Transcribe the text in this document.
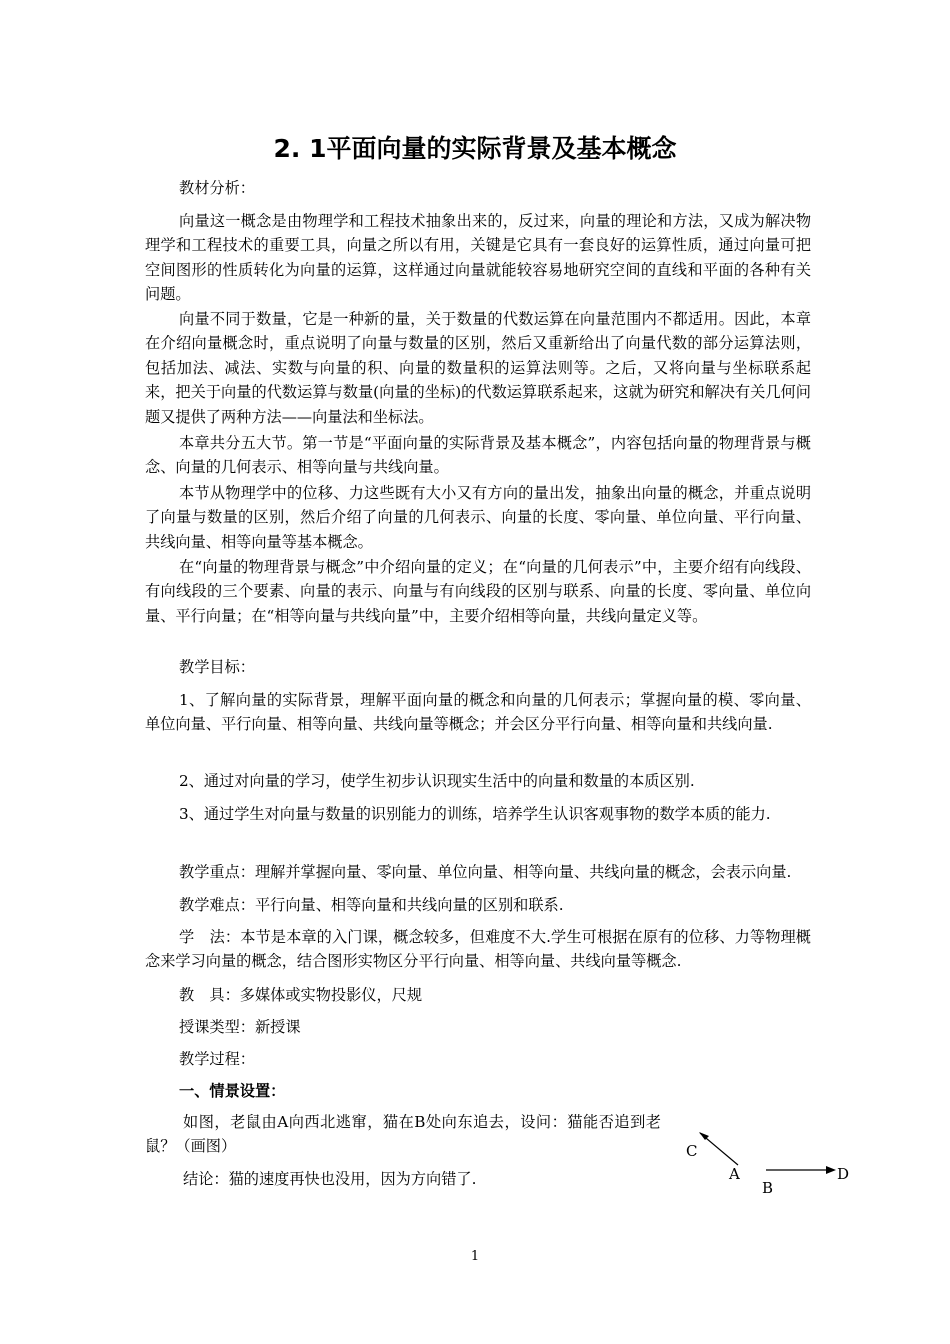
2. 1平面向量的实际背景及基本概念

教材分析：

向量这一概念是由物理学和工程技术抽象出来的，反过来，向量的理论和方法，又成为解决物理学和工程技术的重要工具，向量之所以有用，关键是它具有一套良好的运算性质，通过向量可把空间图形的性质转化为向量的运算，这样通过向量就能较容易地研究空间的直线和平面的各种有关问题。

向量不同于数量，它是一种新的量，关于数量的代数运算在向量范围内不都适用。因此，本章在介绍向量概念时，重点说明了向量与数量的区别，然后又重新给出了向量代数的部分运算法则，包括加法、减法、实数与向量的积、向量的数量积的运算法则等。之后，又将向量与坐标联系起来，把关于向量的代数运算与数量(向量的坐标)的代数运算联系起来，这就为研究和解决有关几何问题又提供了两种方法——向量法和坐标法。

本章共分五大节。第一节是“平面向量的实际背景及基本概念”，内容包括向量的物理背景与概念、向量的几何表示、相等向量与共线向量。

本节从物理学中的位移、力这些既有大小又有方向的量出发，抽象出向量的概念，并重点说明了向量与数量的区别，然后介绍了向量的几何表示、向量的长度、零向量、单位向量、平行向量、共线向量、相等向量等基本概念。

在“向量的物理背景与概念”中介绍向量的定义；在“向量的几何表示”中，主要介绍有向线段、有向线段的三个要素、向量的表示、向量与有向线段的区别与联系、向量的长度、零向量、单位向量、平行向量；在“相等向量与共线向量”中，主要介绍相等向量，共线向量定义等。

教学目标：

1、了解向量的实际背景，理解平面向量的概念和向量的几何表示；掌握向量的模、零向量、单位向量、平行向量、相等向量、共线向量等概念；并会区分平行向量、相等向量和共线向量.

2、通过对向量的学习，使学生初步认识现实生活中的向量和数量的本质区别.

3、通过学生对向量与数量的识别能力的训练，培养学生认识客观事物的数学本质的能力.

教学重点：理解并掌握向量、零向量、单位向量、相等向量、共线向量的概念，会表示向量.

教学难点：平行向量、相等向量和共线向量的区别和联系.

学　法：本节是本章的入门课，概念较多，但难度不大.学生可根据在原有的位移、力等物理概念来学习向量的概念，结合图形实物区分平行向量、相等向量、共线向量等概念.

教　具：多媒体或实物投影仪，尺规

授课类型：新授课

教学过程：

一、情景设置：

如图，老鼠由A向西北逃窜，猫在B处向东追去，设问：猫能否追到老鼠？（画图）

结论：猫的速度再快也没用，因为方向错了.

C
A
B
D
1
